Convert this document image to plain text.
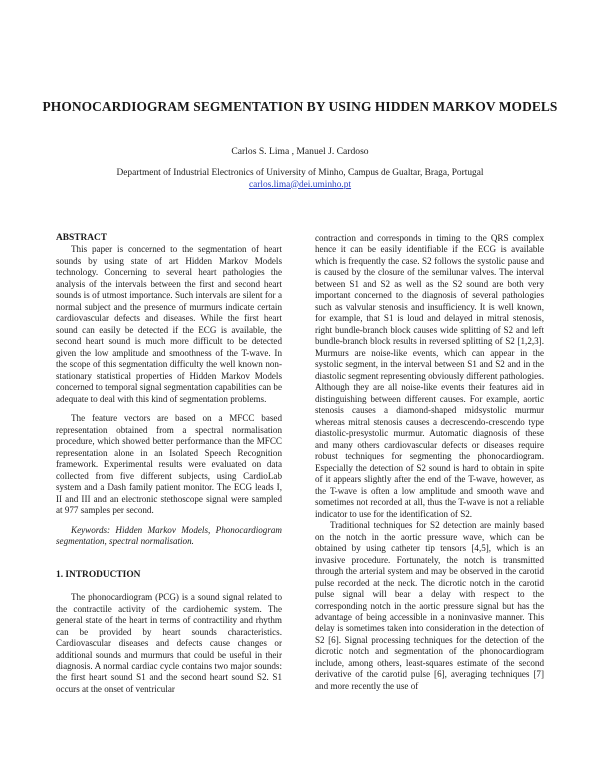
PHONOCARDIOGRAM SEGMENTATION BY USING HIDDEN MARKOV MODELS
Carlos S. Lima , Manuel J. Cardoso
Department of Industrial Electronics of University of Minho, Campus de Gualtar, Braga, Portugal
carlos.lima@dei.uminho.pt

ABSTRACT

This paper is concerned to the segmentation of heart sounds by using state of art Hidden Markov Models technology. Concerning to several heart pathologies the analysis of the intervals between the first and second heart sounds is of utmost importance. Such intervals are silent for a normal subject and the presence of murmurs indicate certain cardiovascular defects and diseases. While the first heart sound can easily be detected if the ECG is available, the second heart sound is much more difficult to be detected given the low amplitude and smoothness of the T-wave. In the scope of this segmentation difficulty the well known non-stationary statistical properties of Hidden Markov Models concerned to temporal signal segmentation capabilities can be adequate to deal with this kind of segmentation problems.

The feature vectors are based on a MFCC based representation obtained from a spectral normalisation procedure, which showed better performance than the MFCC representation alone in an Isolated Speech Recognition framework. Experimental results were evaluated on data collected from five different subjects, using CardioLab system and a Dash family patient monitor. The ECG leads I, II and III and an electronic stethoscope signal were sampled at 977 samples per second.

Keywords: Hidden Markov Models, Phonocardiogram segmentation, spectral normalisation.

1. INTRODUCTION

The phonocardiogram (PCG) is a sound signal related to the contractile activity of the cardiohemic system. The general state of the heart in terms of contractility and rhythm can be provided by heart sounds characteristics. Cardiovascular diseases and defects cause changes or additional sounds and murmurs that could be useful in their diagnosis. A normal cardiac cycle contains two major sounds: the first heart sound S1 and the second heart sound S2. S1 occurs at the onset of ventricular

contraction and corresponds in timing to the QRS complex hence it can be easily identifiable if the ECG is available which is frequently the case. S2 follows the systolic pause and is caused by the closure of the semilunar valves. The interval between S1 and S2 as well as the S2 sound are both very important concerned to the diagnosis of several pathologies such as valvular stenosis and insufficiency. It is well known, for example, that S1 is loud and delayed in mitral stenosis, right bundle-branch block causes wide splitting of S2 and left bundle-branch block results in reversed splitting of S2 [1,2,3]. Murmurs are noise-like events, which can appear in the systolic segment, in the interval between S1 and S2 and in the diastolic segment representing obviously different pathologies. Although they are all noise-like events their features aid in distinguishing between different causes. For example, aortic stenosis causes a diamond-shaped midsystolic murmur whereas mitral stenosis causes a decrescendo-crescendo type diastolic-presystolic murmur. Automatic diagnosis of these and many others cardiovascular defects or diseases require robust techniques for segmenting the phonocardiogram. Especially the detection of S2 sound is hard to obtain in spite of it appears slightly after the end of the T-wave, however, as the T-wave is often a low amplitude and smooth wave and sometimes not recorded at all, thus the T-wave is not a reliable indicator to use for the identification of S2.

Traditional techniques for S2 detection are mainly based on the notch in the aortic pressure wave, which can be obtained by using catheter tip tensors [4,5], which is an invasive procedure. Fortunately, the notch is transmitted through the arterial system and may be observed in the carotid pulse recorded at the neck. The dicrotic notch in the carotid pulse signal will bear a delay with respect to the corresponding notch in the aortic pressure signal but has the advantage of being accessible in a noninvasive manner. This delay is sometimes taken into consideration in the detection of S2 [6]. Signal processing techniques for the detection of the dicrotic notch and segmentation of the phonocardiogram include, among others, least-squares estimate of the second derivative of the carotid pulse [6], averaging techniques [7] and more recently the use of
